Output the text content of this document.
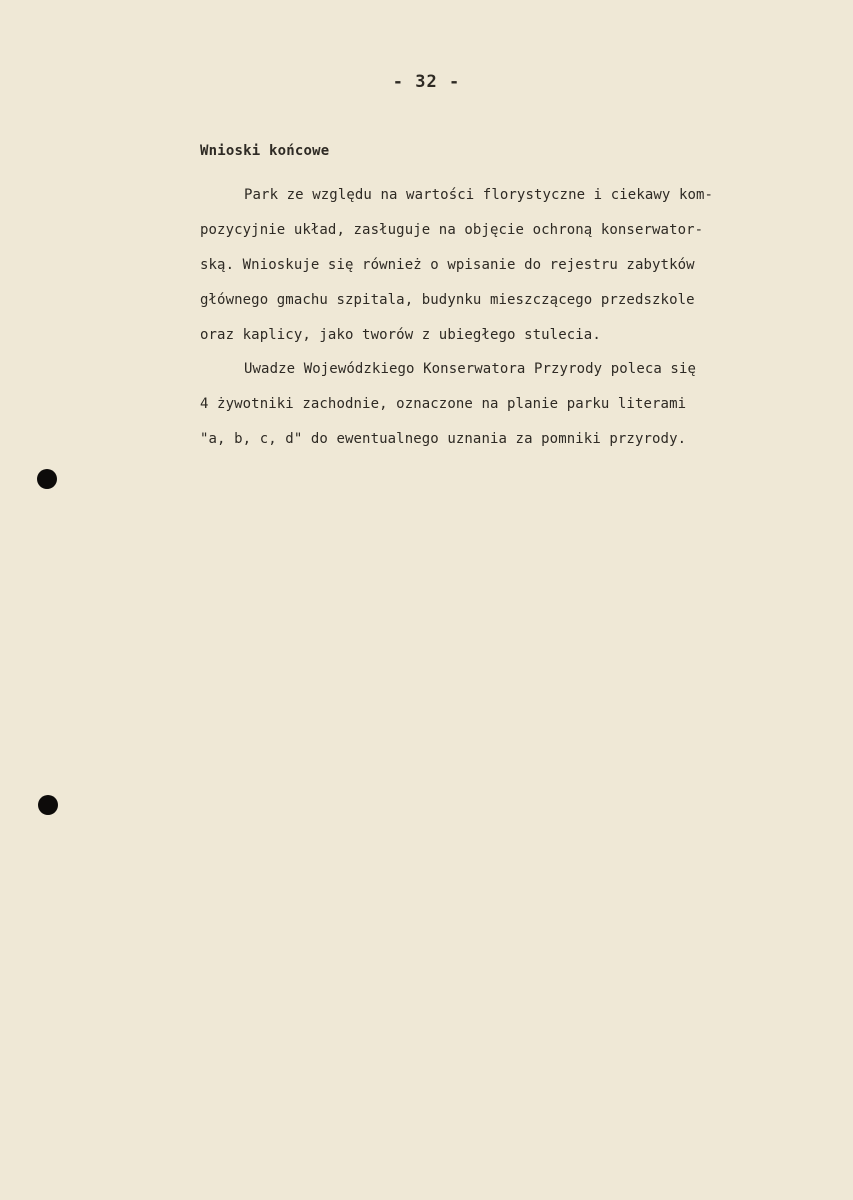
- 32 -
Wnioski końcowe
Park ze względu na wartości florystyczne i ciekawy kom-
pozycyjnie układ, zasługuje na objęcie ochroną konserwator-
ską. Wnioskuje się również o wpisanie do rejestru zabytków
głównego gmachu szpitala, budynku mieszczącego przedszkole
oraz kaplicy, jako tworów z ubiegłego stulecia.
Uwadze Wojewódzkiego Konserwatora Przyrody poleca się
4 żywotniki zachodnie, oznaczone na planie parku literami
"a, b, c, d" do ewentualnego uznania za pomniki przyrody.
